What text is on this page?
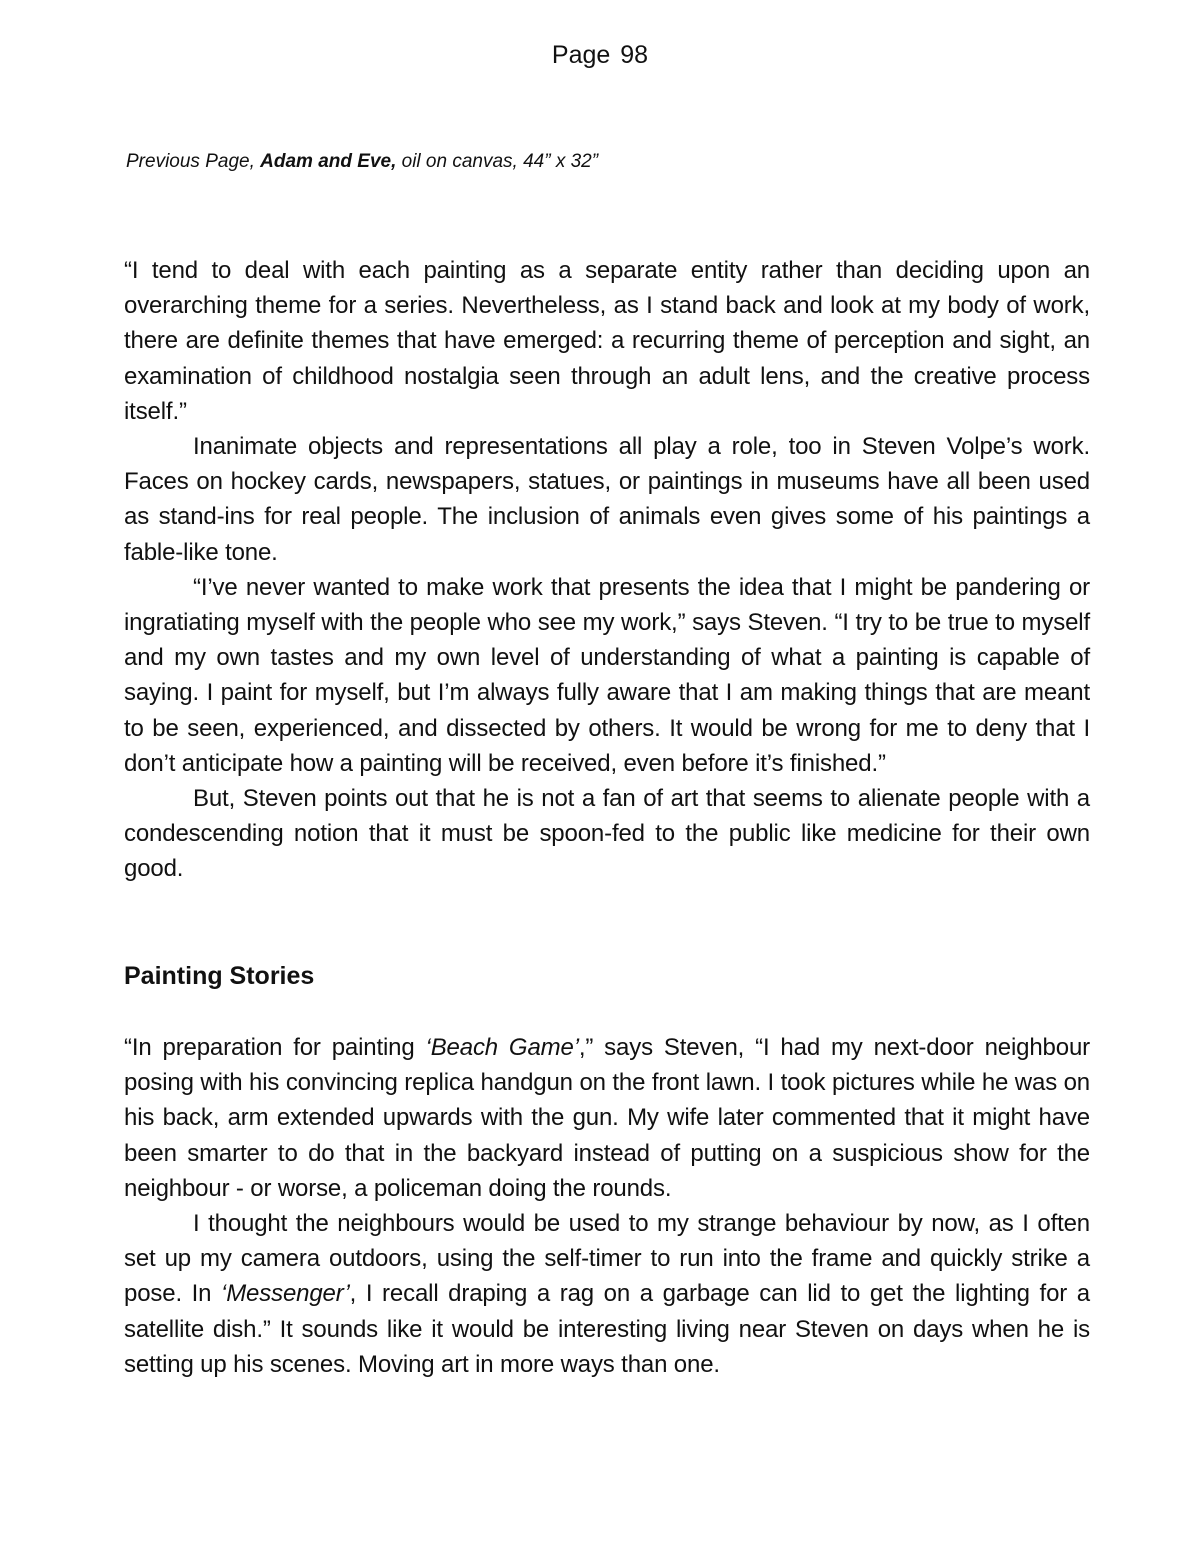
Page 98
Previous Page, Adam and Eve, oil on canvas, 44” x 32”

“I tend to deal with each painting as a separate entity rather than deciding upon an overarching theme for a series. Nevertheless, as I stand back and look at my body of work, there are definite themes that have emerged: a recurring theme of perception and sight, an examination of childhood nostalgia seen through an adult lens, and the creative process itself.”

Inanimate objects and representations all play a role, too in Steven Volpe’s work. Faces on hockey cards, newspapers, statues, or paintings in museums have all been used as stand-ins for real people. The inclusion of animals even gives some of his paintings a fable-like tone.

“I’ve never wanted to make work that presents the idea that I might be pandering or ingratiating myself with the people who see my work,” says Steven. “I try to be true to myself and my own tastes and my own level of understanding of what a painting is capable of saying. I paint for myself, but I’m always fully aware that I am making things that are meant to be seen, experienced, and dissected by others. It would be wrong for me to deny that I don’t anticipate how a painting will be received, even before it’s finished.”

But, Steven points out that he is not a fan of art that seems to alienate people with a condescending notion that it must be spoon-fed to the public like medicine for their own good.

Painting Stories

“In preparation for painting ‘Beach Game’,” says Steven, “I had my next-door neighbour posing with his convincing replica handgun on the front lawn. I took pictures while he was on his back, arm extended upwards with the gun. My wife later commented that it might have been smarter to do that in the backyard instead of putting on a suspicious show for the neighbour - or worse, a policeman doing the rounds.

I thought the neighbours would be used to my strange behaviour by now, as I often set up my camera outdoors, using the self-timer to run into the frame and quickly strike a pose. In ‘Messenger’, I recall draping a rag on a garbage can lid to get the lighting for a satellite dish.” It sounds like it would be interesting living near Steven on days when he is setting up his scenes. Moving art in more ways than one.
